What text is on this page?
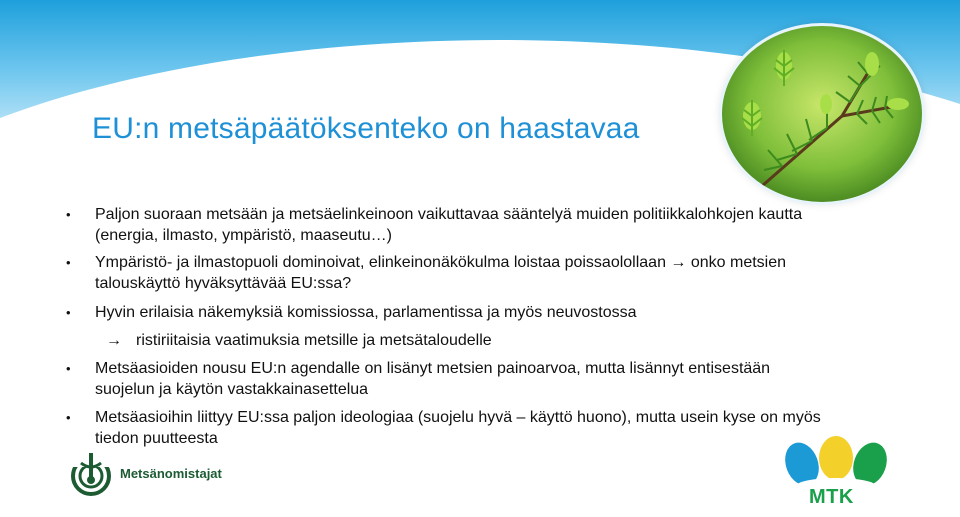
EU:n metsäpäätöksenteko on haastavaa
• Paljon suoraan metsään ja metsäelinkeinoon vaikuttavaa sääntelyä muiden politiikkalohkojen kautta (energia, ilmasto, ympäristö, maaseutu…)
• Ympäristö- ja ilmastopuoli dominoivat, elinkeinonäkökulma loistaa poissaolollaan → onko metsien talouskäyttö hyväksyttävää EU:ssa?
• Hyvin erilaisia näkemyksiä komissiossa, parlamentissa ja myös neuvostossa
→ ristiriitaisia vaatimuksia metsille ja metsätaloudelle
• Metsäasioiden nousu EU:n agendalle on lisänyt metsien painoarvoa, mutta lisännyt entisestään suojelun ja käytön vastakkainasettelua
• Metsäasioihin liittyy EU:ssa paljon ideologiaa (suojelu hyvä – käyttö huono), mutta usein kyse on myös tiedon puutteesta
Metsänomistajat
MTK
